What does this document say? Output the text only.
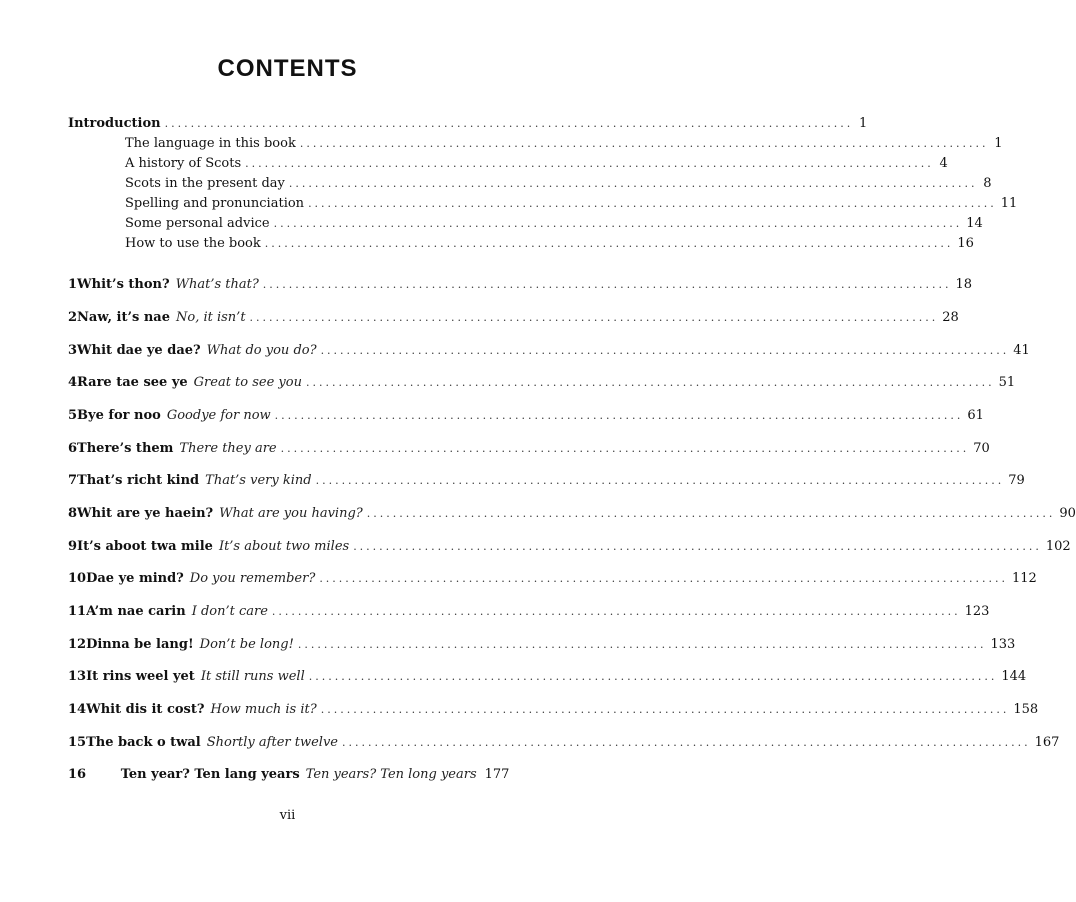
CONTENTS
Introduction .......................................................................................................... 1
The language in this book .......................................................................................................... 1
A history of Scots .......................................................................................................... 4
Scots in the present day .......................................................................................................... 8
Spelling and pronunciation .......................................................................................................... 11
Some personal advice .......................................................................................................... 14
How to use the book .......................................................................................................... 16
1 Whit’s thon? What’s that? .......................................................................................................... 18
2 Naw, it’s nae No, it isn’t .......................................................................................................... 28
3 Whit dae ye dae? What do you do? .......................................................................................................... 41
4 Rare tae see ye Great to see you .......................................................................................................... 51
5 Bye for noo Goodye for now .......................................................................................................... 61
6 There’s them There they are .......................................................................................................... 70
7 That’s richt kind That’s very kind .......................................................................................................... 79
8 Whit are ye haein? What are you having? .......................................................................................................... 90
9 It’s aboot twa mile It’s about two miles .......................................................................................................... 102
10 Dae ye mind? Do you remember? .......................................................................................................... 112
11 A’m nae carin I don’t care .......................................................................................................... 123
12 Dinna be lang! Don’t be long! .......................................................................................................... 133
13 It rins weel yet It still runs well .......................................................................................................... 144
14 Whit dis it cost? How much is it? .......................................................................................................... 158
15 The back o twal Shortly after twelve .......................................................................................................... 167
16	Ten year? Ten lang years Ten years? Ten long years 177
vii
